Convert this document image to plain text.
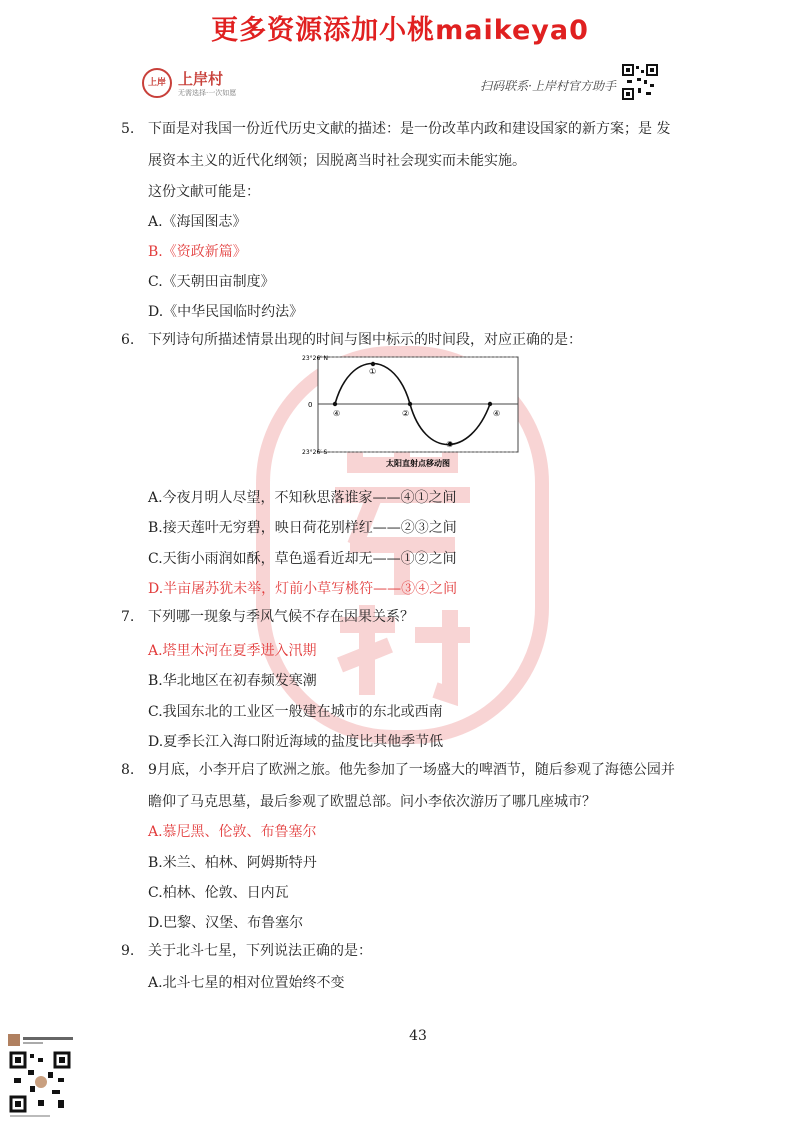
更多资源添加小桃maikeya0
上岸 上岸村
无需选择·一次如愿	扫码联系·上岸村官方助手
5. 下面是对我国一份近代历史文献的描述：是一份改革内政和建设国家的新方案；是 发
展资本主义的近代化纲领；因脱离当时社会现实而未能实施。
这份文献可能是：
A.《海国图志》
B.《资政新篇》
C.《天朝田亩制度》
D.《中华民国临时约法》
6. 下列诗句所描述情景出现的时间与图中标示的时间段，对应正确的是：
23°26′ N
0
23°26′ S
④
①
②
③
④
太阳直射点移动图
A.今夜月明人尽望，不知秋思落谁家——④①之间
B.接天莲叶无穷碧，映日荷花别样红——②③之间
C.天街小雨润如酥，草色遥看近却无——①②之间
D.半亩屠苏犹未举，灯前小草写桃符——③④之间
7. 下列哪一现象与季风气候不存在因果关系？
A.塔里木河在夏季进入汛期
B.华北地区在初春频发寒潮
C.我国东北的工业区一般建在城市的东北或西南
D.夏季长江入海口附近海域的盐度比其他季节低
8. 9月底，小李开启了欧洲之旅。他先参加了一场盛大的啤酒节，随后参观了海德公园并
瞻仰了马克思墓，最后参观了欧盟总部。问小李依次游历了哪几座城市？
A.慕尼黑、伦敦、布鲁塞尔
B.米兰、柏林、阿姆斯特丹
C.柏林、伦敦、日内瓦
D.巴黎、汉堡、布鲁塞尔
9. 关于北斗七星，下列说法正确的是：
A.北斗七星的相对位置始终不变
43
